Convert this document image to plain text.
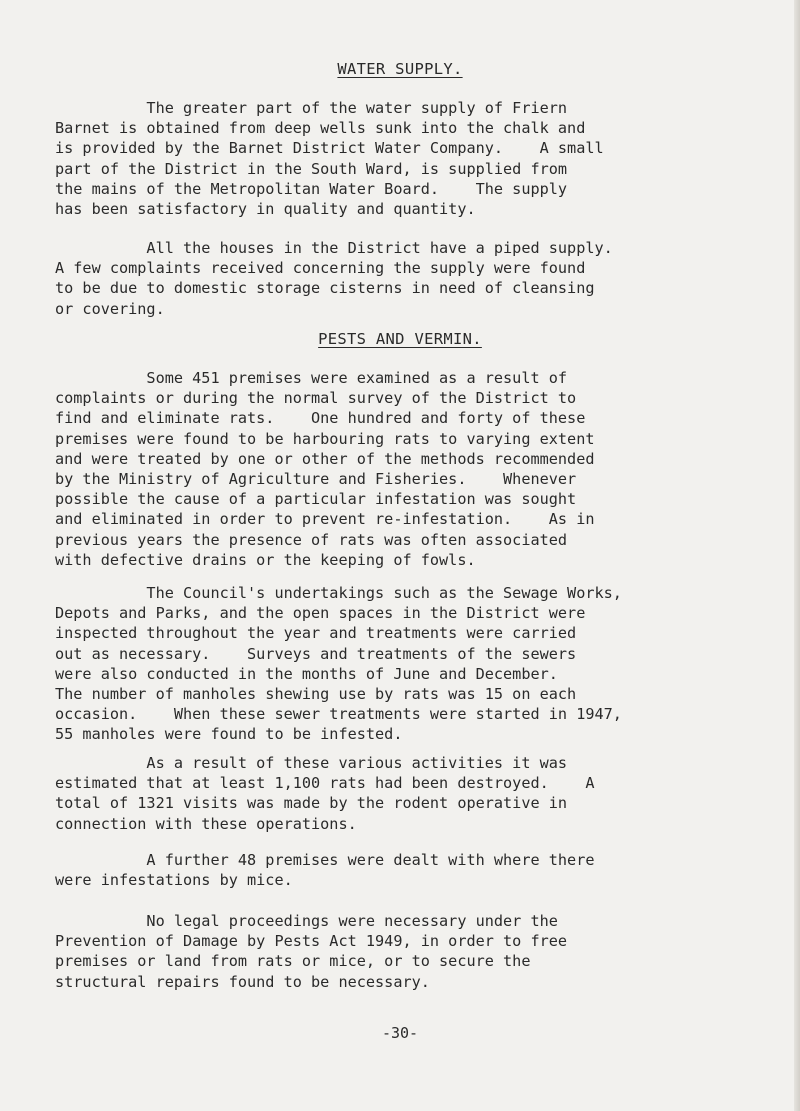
WATER SUPPLY.

The greater part of the water supply of Friern
Barnet is obtained from deep wells sunk into the chalk and
is provided by the Barnet District Water Company.    A small
part of the District in the South Ward, is supplied from
the mains of the Metropolitan Water Board.    The supply
has been satisfactory in quality and quantity.

All the houses in the District have a piped supply.
A few complaints received concerning the supply were found
to be due to domestic storage cisterns in need of cleansing
or covering.

PESTS AND VERMIN.

Some 451 premises were examined as a result of
complaints or during the normal survey of the District to
find and eliminate rats.    One hundred and forty of these
premises were found to be harbouring rats to varying extent
and were treated by one or other of the methods recommended
by the Ministry of Agriculture and Fisheries.    Whenever
possible the cause of a particular infestation was sought
and eliminated in order to prevent re-infestation.    As in
previous years the presence of rats was often associated
with defective drains or the keeping of fowls.

The Council's undertakings such as the Sewage Works,
Depots and Parks, and the open spaces in the District were
inspected throughout the year and treatments were carried
out as necessary.    Surveys and treatments of the sewers
were also conducted in the months of June and December.
The number of manholes shewing use by rats was 15 on each
occasion.    When these sewer treatments were started in 1947,
55 manholes were found to be infested.

As a result of these various activities it was
estimated that at least 1,100 rats had been destroyed.    A
total of 1321 visits was made by the rodent operative in
connection with these operations.

A further 48 premises were dealt with where there
were infestations by mice.

No legal proceedings were necessary under the
Prevention of Damage by Pests Act 1949, in order to free
premises or land from rats or mice, or to secure the
structural repairs found to be necessary.

-30-
